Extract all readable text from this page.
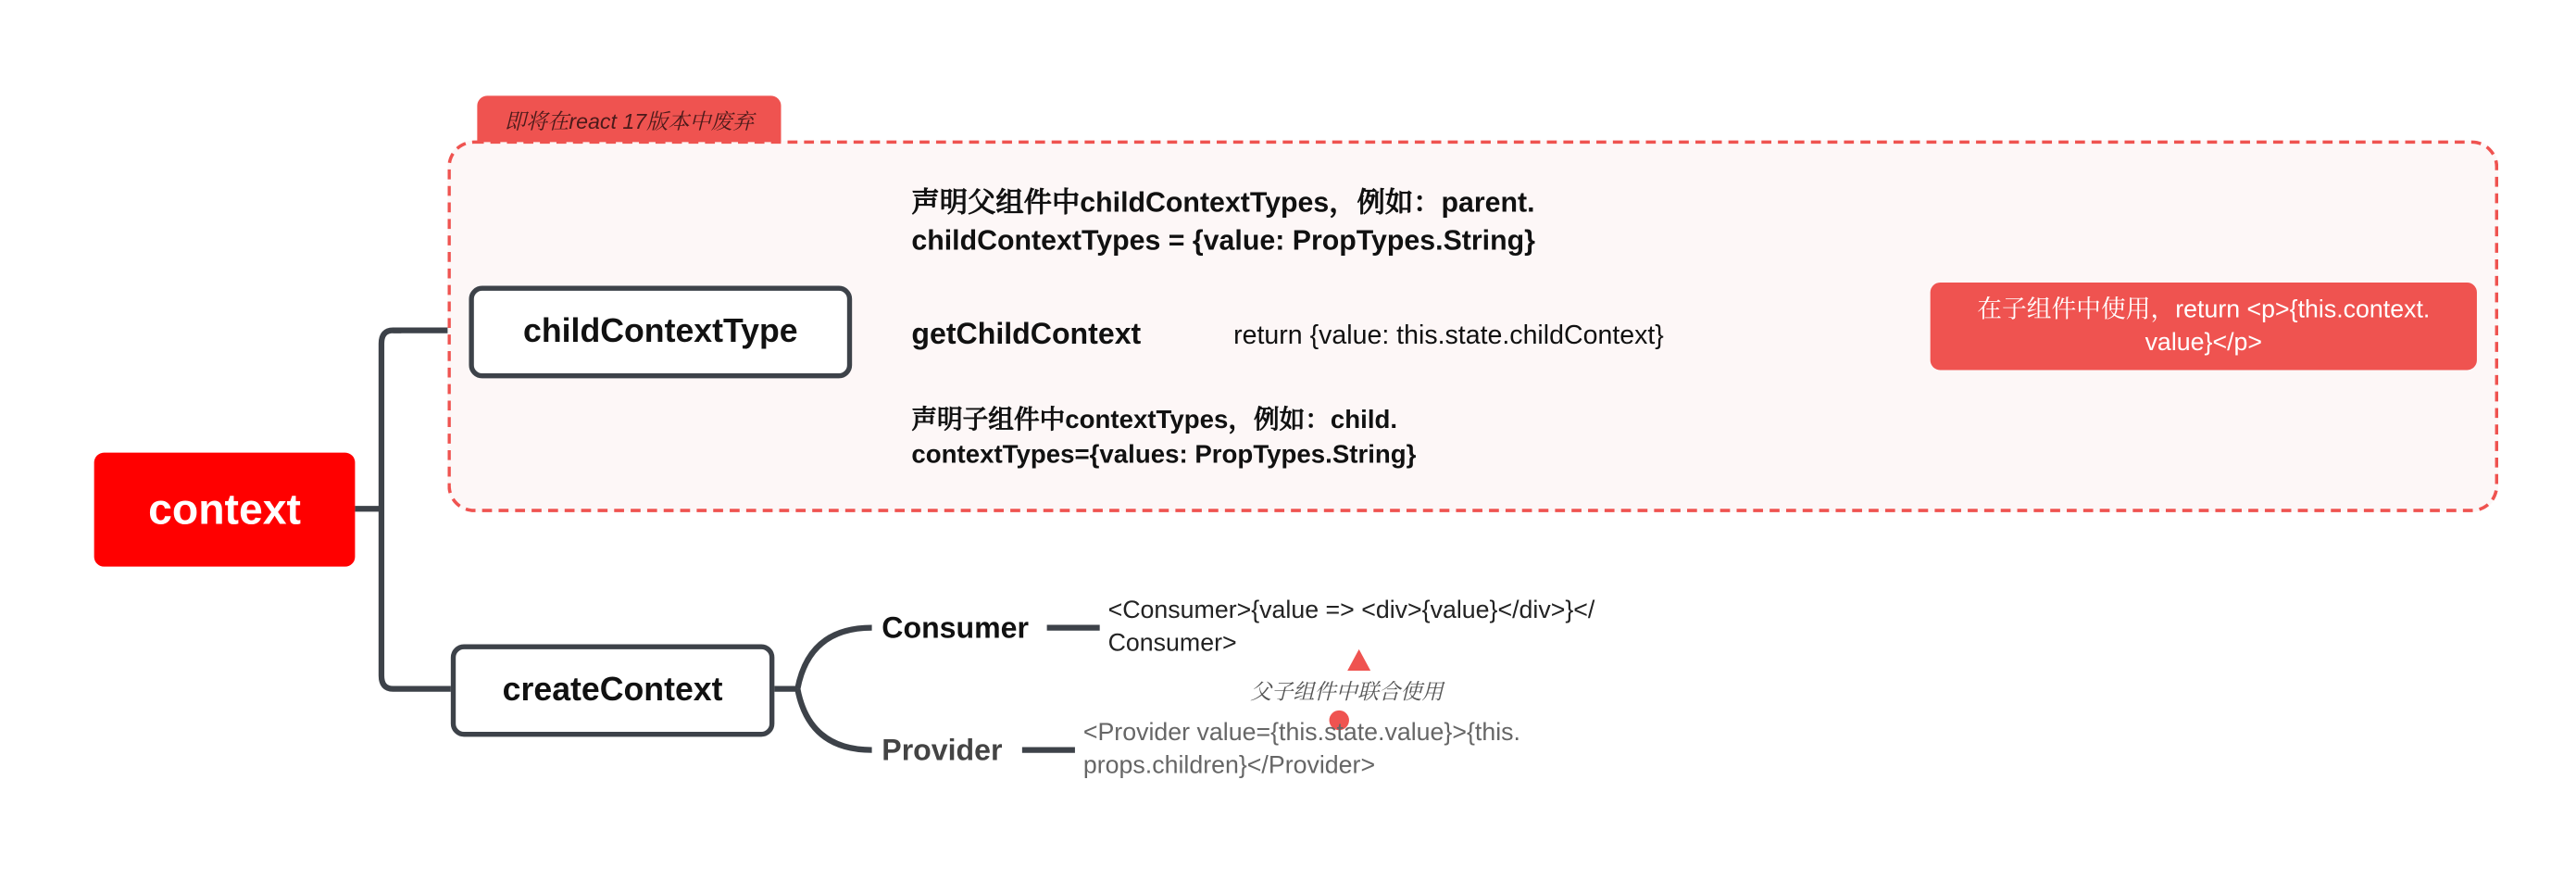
即将在react 17版本中废弃
context
childContextType
createContext
声明父组件中childContextTypes，例如：parent.
childContextTypes = {value: PropTypes.String}
getChildContext	return {value: this.state.childContext}
声明子组件中contextTypes，例如：child.
contextTypes={values: PropTypes.String}
在子组件中使用，return <p>{this.context.
value}</p>
Consumer
<Consumer>{value => <div>{value}</div>}</
Consumer>
Provider
<Provider value={this.state.value}>{this.
props.children}</Provider>
父子组件中联合使用
